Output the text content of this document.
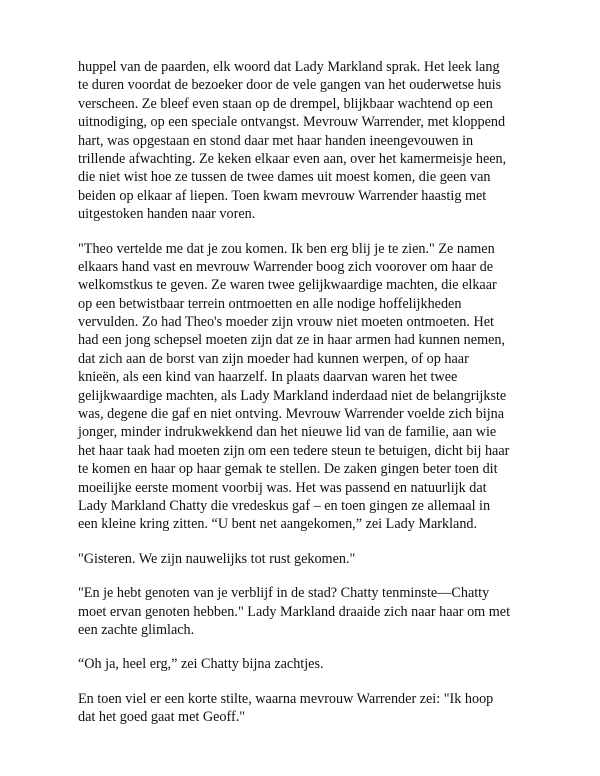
huppel van de paarden, elk woord dat Lady Markland sprak. Het leek lang
te duren voordat de bezoeker door de vele gangen van het ouderwetse huis
verscheen. Ze bleef even staan op de drempel, blijkbaar wachtend op een
uitnodiging, op een speciale ontvangst. Mevrouw Warrender, met kloppend
hart, was opgestaan en stond daar met haar handen ineengevouwen in
trillende afwachting. Ze keken elkaar even aan, over het kamermeisje heen,
die niet wist hoe ze tussen de twee dames uit moest komen, die geen van
beiden op elkaar af liepen. Toen kwam mevrouw Warrender haastig met
uitgestoken handen naar voren.

"Theo vertelde me dat je zou komen. Ik ben erg blij je te zien." Ze namen
elkaars hand vast en mevrouw Warrender boog zich voorover om haar de
welkomstkus te geven. Ze waren twee gelijkwaardige machten, die elkaar
op een betwistbaar terrein ontmoetten en alle nodige hoffelijkheden
vervulden. Zo had Theo's moeder zijn vrouw niet moeten ontmoeten. Het
had een jong schepsel moeten zijn dat ze in haar armen had kunnen nemen,
dat zich aan de borst van zijn moeder had kunnen werpen, of op haar
knieën, als een kind van haarzelf. In plaats daarvan waren het twee
gelijkwaardige machten, als Lady Markland inderdaad niet de belangrijkste
was, degene die gaf en niet ontving. Mevrouw Warrender voelde zich bijna
jonger, minder indrukwekkend dan het nieuwe lid van de familie, aan wie
het haar taak had moeten zijn om een tedere steun te betuigen, dicht bij haar
te komen en haar op haar gemak te stellen. De zaken gingen beter toen dit
moeilijke eerste moment voorbij was. Het was passend en natuurlijk dat
Lady Markland Chatty die vredeskus gaf – en toen gingen ze allemaal in
een kleine kring zitten. “U bent net aangekomen,” zei Lady Markland.

"Gisteren. We zijn nauwelijks tot rust gekomen."

"En je hebt genoten van je verblijf in de stad? Chatty tenminste—Chatty
moet ervan genoten hebben." Lady Markland draaide zich naar haar om met
een zachte glimlach.

“Oh ja, heel erg,” zei Chatty bijna zachtjes.

En toen viel er een korte stilte, waarna mevrouw Warrender zei: "Ik hoop
dat het goed gaat met Geoff."
